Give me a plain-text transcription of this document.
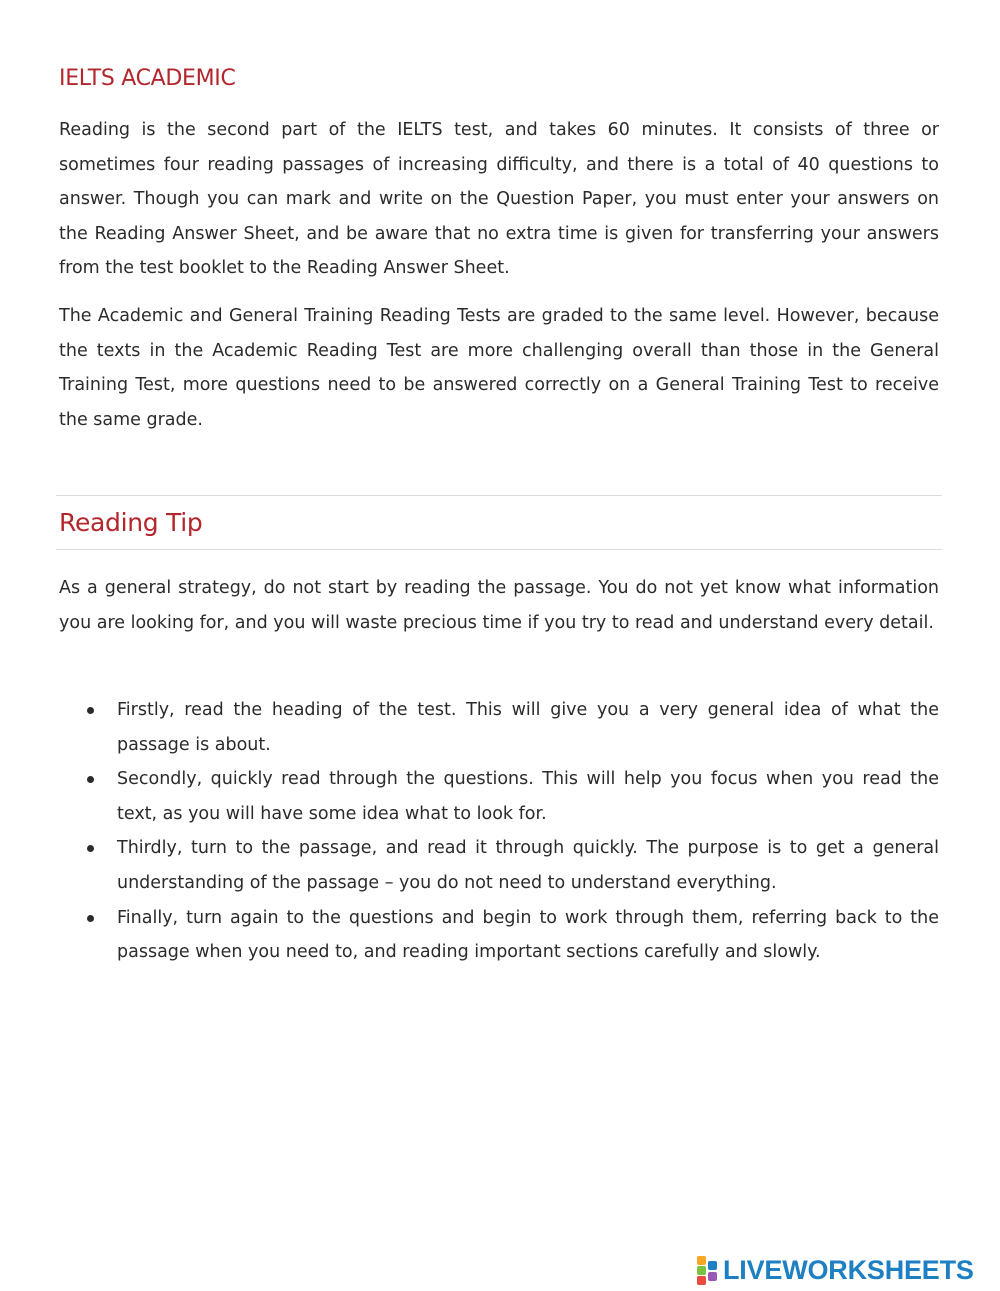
IELTS ACADEMIC

Reading is the second part of the IELTS test, and takes 60 minutes. It consists of three or sometimes four reading passages of increasing difficulty, and there is a total of 40 questions to answer. Though you can mark and write on the Question Paper, you must enter your answers on the Reading Answer Sheet, and be aware that no extra time is given for transferring your answers from the test booklet to the Reading Answer Sheet.

The Academic and General Training Reading Tests are graded to the same level. However, because the texts in the Academic Reading Test are more challenging overall than those in the General Training Test, more questions need to be answered correctly on a General Training Test to receive the same grade.

Reading Tip

As a general strategy, do not start by reading the passage. You do not yet know what information you are looking for, and you will waste precious time if you try to read and understand every detail.

Firstly, read the heading of the test. This will give you a very general idea of what the passage is about.
Secondly, quickly read through the questions. This will help you focus when you read the text, as you will have some idea what to look for.
Thirdly, turn to the passage, and read it through quickly. The purpose is to get a general understanding of the passage – you do not need to understand everything.
Finally, turn again to the questions and begin to work through them, referring back to the passage when you need to, and reading important sections carefully and slowly.
LIVEWORKSHEETS
